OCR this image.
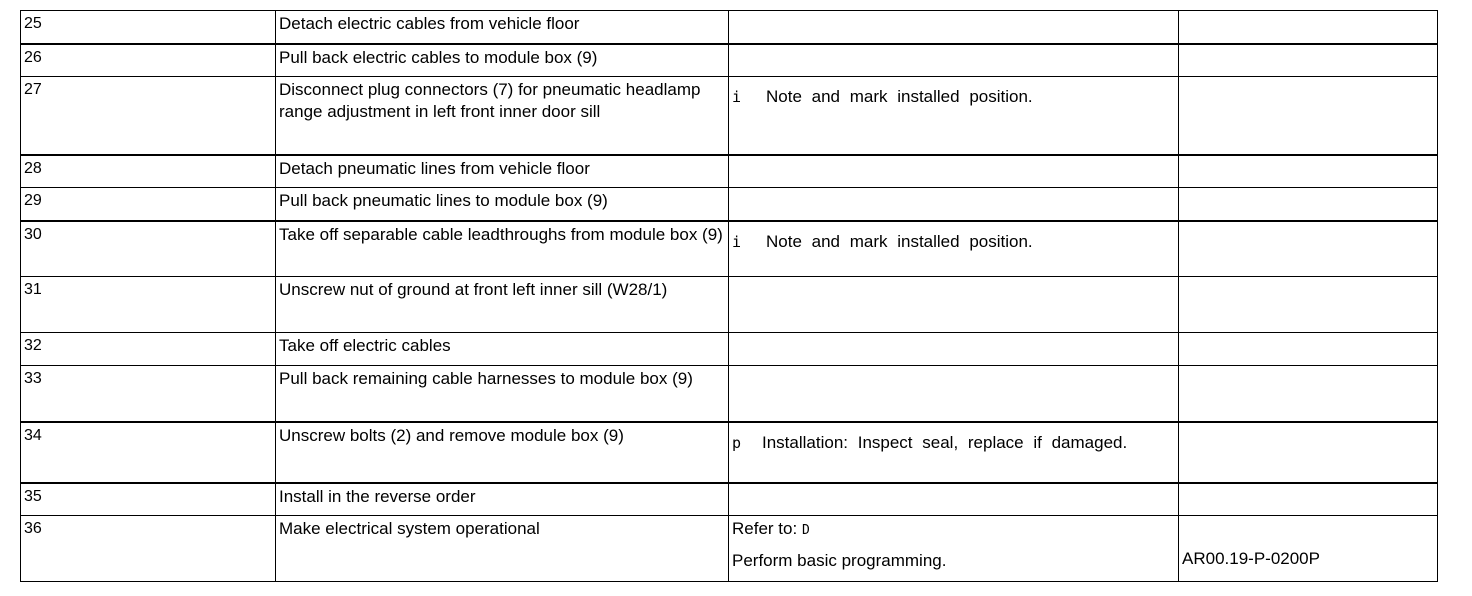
25	Detach electric cables from vehicle floor		
26	Pull back electric cables to module box (9)		
27	Disconnect plug connectors (7) for pneumatic headlamp range adjustment in left front inner door sill	i Note and mark installed position.	

28	Detach pneumatic lines from vehicle floor		
29	Pull back pneumatic lines to module box (9)		
30	Take off separable cable leadthroughs from module box (9)	i Note and mark installed position.	

31	Unscrew nut of ground at front left inner sill (W28/1)		
32	Take off electric cables		
33	Pull back remaining cable harnesses to module box (9)		
34	Unscrew bolts (2) and remove module box (9)	p Installation: Inspect seal, replace if damaged.	

35	Install in the reverse order		
36	Make electrical system operational	Refer to: D
Perform basic programming.	AR00.19-P-0200P
